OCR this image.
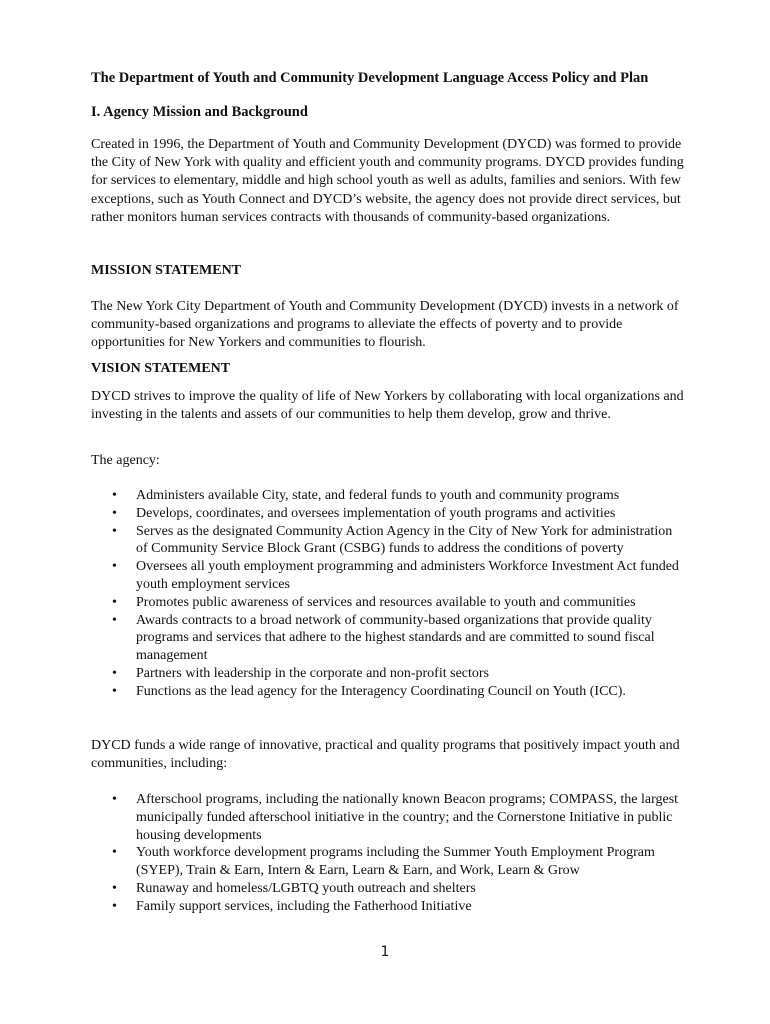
The Department of Youth and Community Development Language Access Policy and Plan
I. Agency Mission and Background

Created in 1996, the Department of Youth and Community Development (DYCD) was formed to provide the City of New York with quality and efficient youth and community programs. DYCD provides funding for services to elementary, middle and high school youth as well as adults, families and seniors. With few exceptions, such as Youth Connect and DYCD’s website, the agency does not provide direct services, but rather monitors human services contracts with thousands of community-based organizations.

MISSION STATEMENT

The New York City Department of Youth and Community Development (DYCD) invests in a network of community-based organizations and programs to alleviate the effects of poverty and to provide opportunities for New Yorkers and communities to flourish.

VISION STATEMENT

DYCD strives to improve the quality of life of New Yorkers by collaborating with local organizations and investing in the talents and assets of our communities to help them develop, grow and thrive.

The agency:

• Administers available City, state, and federal funds to youth and community programs
• Develops, coordinates, and oversees implementation of youth programs and activities
• Serves as the designated Community Action Agency in the City of New York for administration of Community Service Block Grant (CSBG) funds to address the conditions of poverty
• Oversees all youth employment programming and administers Workforce Investment Act funded youth employment services
• Promotes public awareness of services and resources available to youth and communities
• Awards contracts to a broad network of community-based organizations that provide quality programs and services that adhere to the highest standards and are committed to sound fiscal management
• Partners with leadership in the corporate and non-profit sectors
• Functions as the lead agency for the Interagency Coordinating Council on Youth (ICC).

DYCD funds a wide range of innovative, practical and quality programs that positively impact youth and communities, including:

• Afterschool programs, including the nationally known Beacon programs; COMPASS, the largest municipally funded afterschool initiative in the country; and the Cornerstone Initiative in public housing developments
• Youth workforce development programs including the Summer Youth Employment Program (SYEP), Train & Earn, Intern & Earn, Learn & Earn, and Work, Learn & Grow
• Runaway and homeless/LGBTQ youth outreach and shelters
• Family support services, including the Fatherhood Initiative
1
